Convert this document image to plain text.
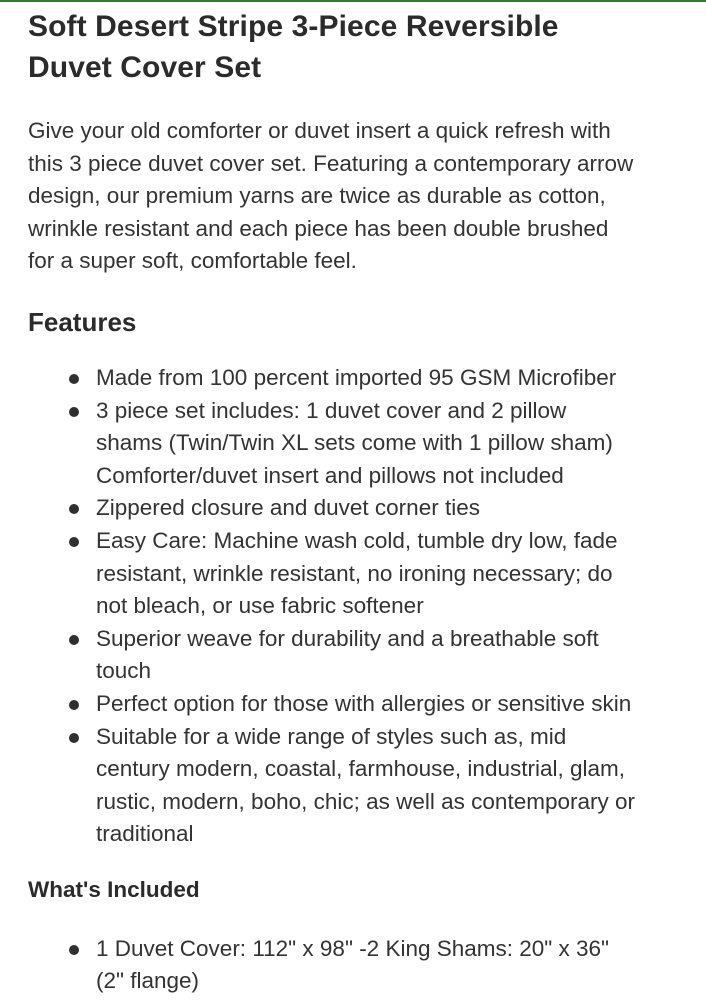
Soft Desert Stripe 3-Piece Reversible
Duvet Cover Set

Give your old comforter or duvet insert a quick refresh with
this 3 piece duvet cover set. Featuring a contemporary arrow
design, our premium yarns are twice as durable as cotton,
wrinkle resistant and each piece has been double brushed
for a super soft, comfortable feel.

Features
Made from 100 percent imported 95 GSM Microfiber
3 piece set includes: 1 duvet cover and 2 pillow
shams (Twin/Twin XL sets come with 1 pillow sham)
Comforter/duvet insert and pillows not included
Zippered closure and duvet corner ties
Easy Care: Machine wash cold, tumble dry low, fade
resistant, wrinkle resistant, no ironing necessary; do
not bleach, or use fabric softener
Superior weave for durability and a breathable soft
touch
Perfect option for those with allergies or sensitive skin
Suitable for a wide range of styles such as, mid
century modern, coastal, farmhouse, industrial, glam,
rustic, modern, boho, chic; as well as contemporary or
traditional
What's Included
1 Duvet Cover: 112" x 98" -2 King Shams: 20" x 36"
(2" flange)
